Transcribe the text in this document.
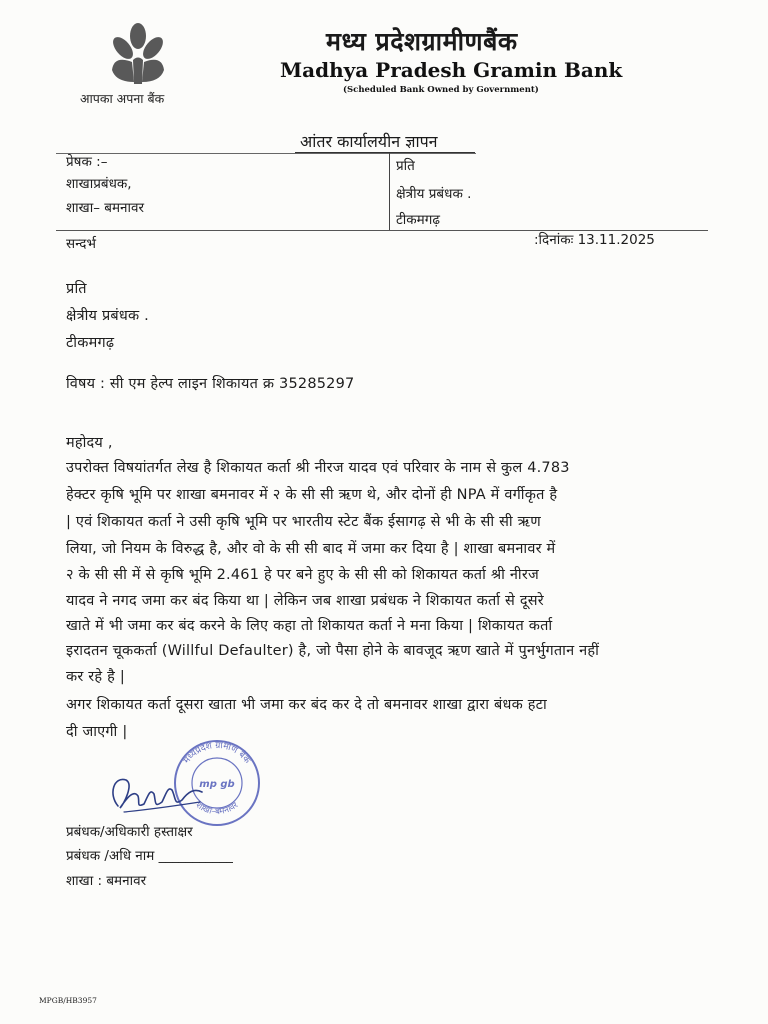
आपका अपना बैंक
मध्य प्रदेशग्रामीणबैंक
Madhya Pradesh Gramin Bank
(Scheduled Bank Owned by Government)
आंतर कार्यालयीन ज्ञापन
प्रेषक :–
शाखाप्रबंधक,
शाखा– बमनावर
प्रति
क्षेत्रीय प्रबंधक .
टीकमगढ़
सन्दर्भ	:दिनांकः 13.11.2025
प्रति
क्षेत्रीय प्रबंधक .
टीकमगढ़
विषय : सी एम हेल्प लाइन शिकायत क्र 35285297
महोदय ,
उपरोक्त विषयांतर्गत लेख है शिकायत कर्ता श्री नीरज यादव एवं परिवार के नाम से कुल 4.783
हेक्टर कृषि भूमि पर शाखा बमनावर में २ के सी सी ऋण थे, और दोनों ही NPA में वर्गीकृत है
| एवं शिकायत कर्ता ने उसी कृषि भूमि पर भारतीय स्टेट बैंक ईसागढ़ से भी के सी सी ऋण
लिया, जो नियम के विरुद्ध है, और वो के सी सी बाद में जमा कर दिया है | शाखा बमनावर में
२ के सी सी में से कृषि भूमि 2.461 हे पर बने हुए के सी सी को शिकायत कर्ता श्री नीरज
यादव ने नगद जमा कर बंद किया था | लेकिन जब शाखा प्रबंधक ने शिकायत कर्ता से दूसरे
खाते में भी जमा कर बंद करने के लिए कहा तो शिकायत कर्ता ने मना किया | शिकायत कर्ता
इरादतन चूककर्ता (Willful Defaulter) है, जो पैसा होने के बावजूद ऋण खाते में पुनर्भुगतान नहीं
कर रहे है |
अगर शिकायत कर्ता दूसरा खाता भी जमा कर बंद कर दे तो बमनावर शाखा द्वारा बंधक हटा
दी जाएगी |
मध्यप्रदेश ग्रामीण बैंक
शाखा–बमनावर
mp gb
प्रबंधक/अधिकारी हस्ताक्षर
प्रबंधक /अधि नाम ___________
शाखा : बमनावर
MPGB/HB3957
